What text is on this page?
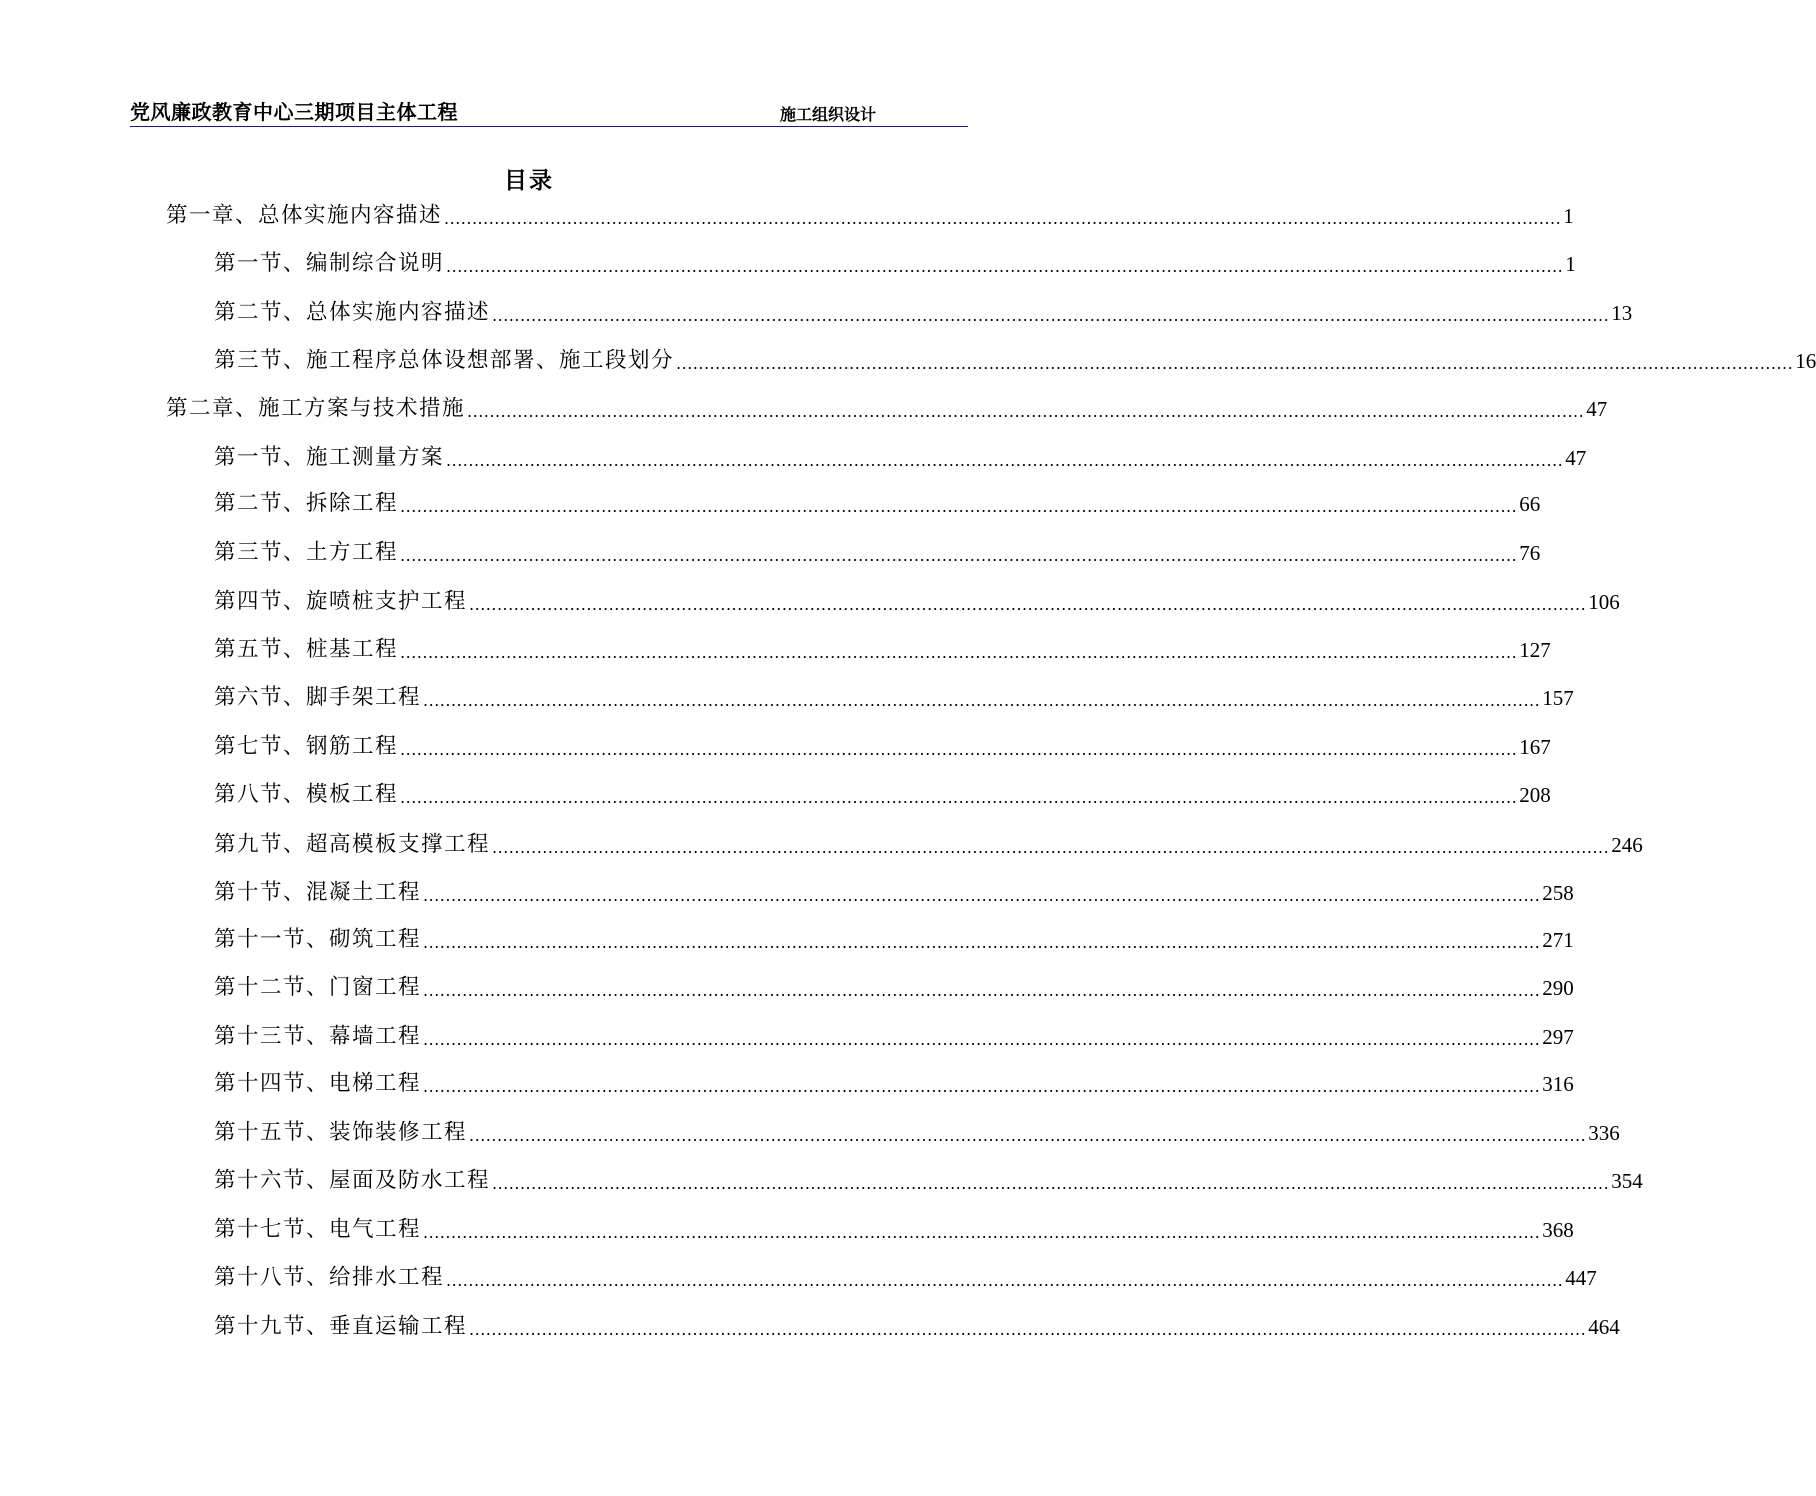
党风廉政教育中心三期项目主体工程	施工组织设计
目录
第一章、总体实施内容描述 ........................................................................................................................................................................................................ 1
第一节、编制综合说明 ........................................................................................................................................................................................................ 1
第二节、总体实施内容描述 ........................................................................................................................................................................................................ 13
第三节、施工程序总体设想部署、施工段划分 ........................................................................................................................................................................................................ 16
第二章、施工方案与技术措施 ........................................................................................................................................................................................................ 47
第一节、施工测量方案 ........................................................................................................................................................................................................ 47
第二节、拆除工程 ........................................................................................................................................................................................................ 66
第三节、土方工程 ........................................................................................................................................................................................................ 76
第四节、旋喷桩支护工程 ........................................................................................................................................................................................................ 106
第五节、桩基工程 ........................................................................................................................................................................................................ 127
第六节、脚手架工程 ........................................................................................................................................................................................................ 157
第七节、钢筋工程 ........................................................................................................................................................................................................ 167
第八节、模板工程 ........................................................................................................................................................................................................ 208
第九节、超高模板支撑工程 ........................................................................................................................................................................................................ 246
第十节、混凝土工程 ........................................................................................................................................................................................................ 258
第十一节、砌筑工程 ........................................................................................................................................................................................................ 271
第十二节、门窗工程 ........................................................................................................................................................................................................ 290
第十三节、幕墙工程 ........................................................................................................................................................................................................ 297
第十四节、电梯工程 ........................................................................................................................................................................................................ 316
第十五节、装饰装修工程 ........................................................................................................................................................................................................ 336
第十六节、屋面及防水工程 ........................................................................................................................................................................................................ 354
第十七节、电气工程 ........................................................................................................................................................................................................ 368
第十八节、给排水工程 ........................................................................................................................................................................................................ 447
第十九节、垂直运输工程 ........................................................................................................................................................................................................ 464
